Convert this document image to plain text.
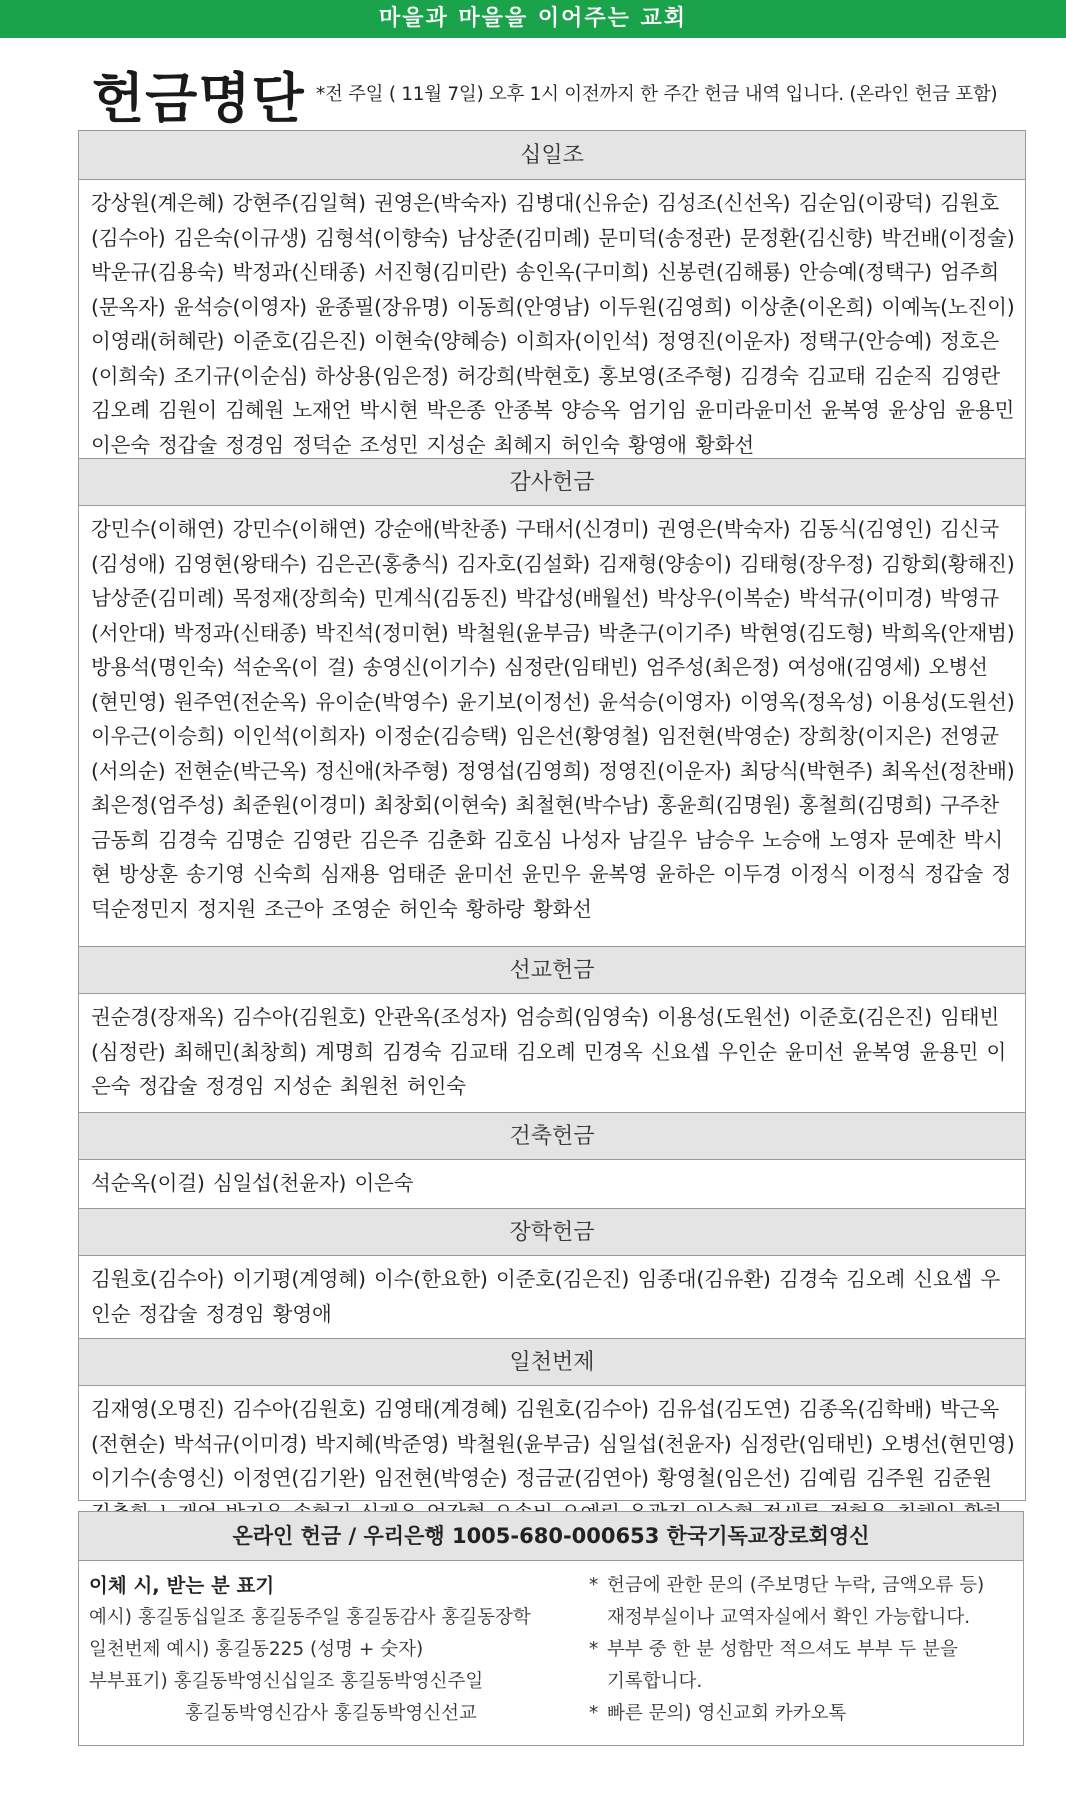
마을과 마을을 이어주는 교회
헌금명단 *전 주일 ( 11월 7일) 오후 1시 이전까지 한 주간 헌금 내역 입니다. (온라인 헌금 포함)
십일조
강상원(계은혜) 강현주(김일혁) 권영은(박숙자) 김병대(신유순) 김성조(신선옥) 김순임(이광덕) 김원호(김수아) 김은숙(이규생) 김형석(이향숙) 남상준(김미례) 문미덕(송정관) 문정환(김신향) 박건배(이정술) 박운규(김용숙) 박정과(신태종) 서진형(김미란) 송인옥(구미희) 신봉련(김해룡) 안승예(정택구) 엄주희(문옥자) 윤석승(이영자) 윤종필(장유명) 이동희(안영남) 이두원(김영희) 이상춘(이온희) 이예녹(노진이) 이영래(허혜란) 이준호(김은진) 이현숙(양혜승) 이희자(이인석) 정영진(이운자) 정택구(안승예) 정호은(이희숙) 조기규(이순심) 하상용(임은정) 허강희(박현호) 홍보영(조주형) 김경숙 김교태 김순직 김영란 김오례 김원이 김혜원 노재언 박시현 박은종 안종복 양승옥 엄기임 윤미라윤미선 윤복영 윤상임 윤용민 이은숙 정갑술 정경임 정덕순 조성민 지성순 최혜지 허인숙 황영애 황화선
감사헌금
강민수(이해연) 강민수(이해연) 강순애(박찬종) 구태서(신경미) 권영은(박숙자) 김동식(김영인) 김신국(김성애) 김영현(왕태수) 김은곤(홍충식) 김자호(김설화) 김재형(양송이) 김태형(장우정) 김항회(황해진) 남상준(김미례) 목정재(장희숙) 민계식(김동진) 박갑성(배월선) 박상우(이복순) 박석규(이미경) 박영규(서안대) 박정과(신태종) 박진석(정미현) 박철원(윤부금) 박춘구(이기주) 박현영(김도형) 박희옥(안재범) 방용석(명인숙) 석순옥(이 걸) 송영신(이기수) 심정란(임태빈) 엄주성(최은정) 여성애(김영세) 오병선(현민영) 원주연(전순옥) 유이순(박영수) 윤기보(이정선) 윤석승(이영자) 이영옥(정옥성) 이용성(도원선) 이우근(이승희) 이인석(이희자) 이정순(김승택) 임은선(황영철) 임전현(박영순) 장희창(이지은) 전영균(서의순) 전현순(박근옥) 정신애(차주형) 정영섭(김영희) 정영진(이운자) 최당식(박현주) 최옥선(정찬배) 최은정(엄주성) 최준원(이경미) 최창회(이현숙) 최철현(박수남) 홍윤희(김명원) 홍철희(김명희) 구주찬 금동희 김경숙 김명순 김영란 김은주 김춘화 김호심 나성자 남길우 남승우 노승애 노영자 문예찬 박시현 방상훈 송기영 신숙희 심재용 엄태준 윤미선 윤민우 윤복영 윤하은 이두경 이정식 이정식 정갑술 정덕순정민지 정지원 조근아 조영순 허인숙 황하랑 황화선
선교헌금
권순경(장재옥) 김수아(김원호) 안관옥(조성자) 엄승희(임영숙) 이용성(도원선) 이준호(김은진) 임태빈(심정란) 최해민(최창희) 계명희 김경숙 김교태 김오례 민경옥 신요셉 우인순 윤미선 윤복영 윤용민 이은숙 정갑술 정경임 지성순 최원천 허인숙
건축헌금
석순옥(이걸) 심일섭(천윤자) 이은숙
장학헌금
김원호(김수아) 이기평(계영혜) 이수(한요한) 이준호(김은진) 임종대(김유환) 김경숙 김오례 신요셉 우인순 정갑술 정경임 황영애
일천번제
김재영(오명진) 김수아(김원호) 김영태(계경혜) 김원호(김수아) 김유섭(김도연) 김종옥(김학배) 박근옥(전현순) 박석규(이미경) 박지혜(박준영) 박철원(윤부금) 심일섭(천윤자) 심정란(임태빈) 오병선(현민영) 이기수(송영신) 이정연(김기완) 임전현(박영순) 정금균(김연아) 황영철(임은선) 김예림 김주원 김준원
온라인 헌금 / 우리은행 1005-680-000653 한국기독교장로회영신
이체 시, 받는 분 표기
예시) 홍길동십일조 홍길동주일 홍길동감사 홍길동장학
일천번제 예시) 홍길동225 (성명 + 숫자)
부부표기) 홍길동박영신십일조 홍길동박영신주일
홍길동박영신감사 홍길동박영신선교
* 헌금에 관한 문의 (주보명단 누락, 금액오류 등)
재정부실이나 교역자실에서 확인 가능합니다.
* 부부 중 한 분 성함만 적으셔도 부부 두 분을
기록합니다.
* 빠른 문의) 영신교회 카카오톡
